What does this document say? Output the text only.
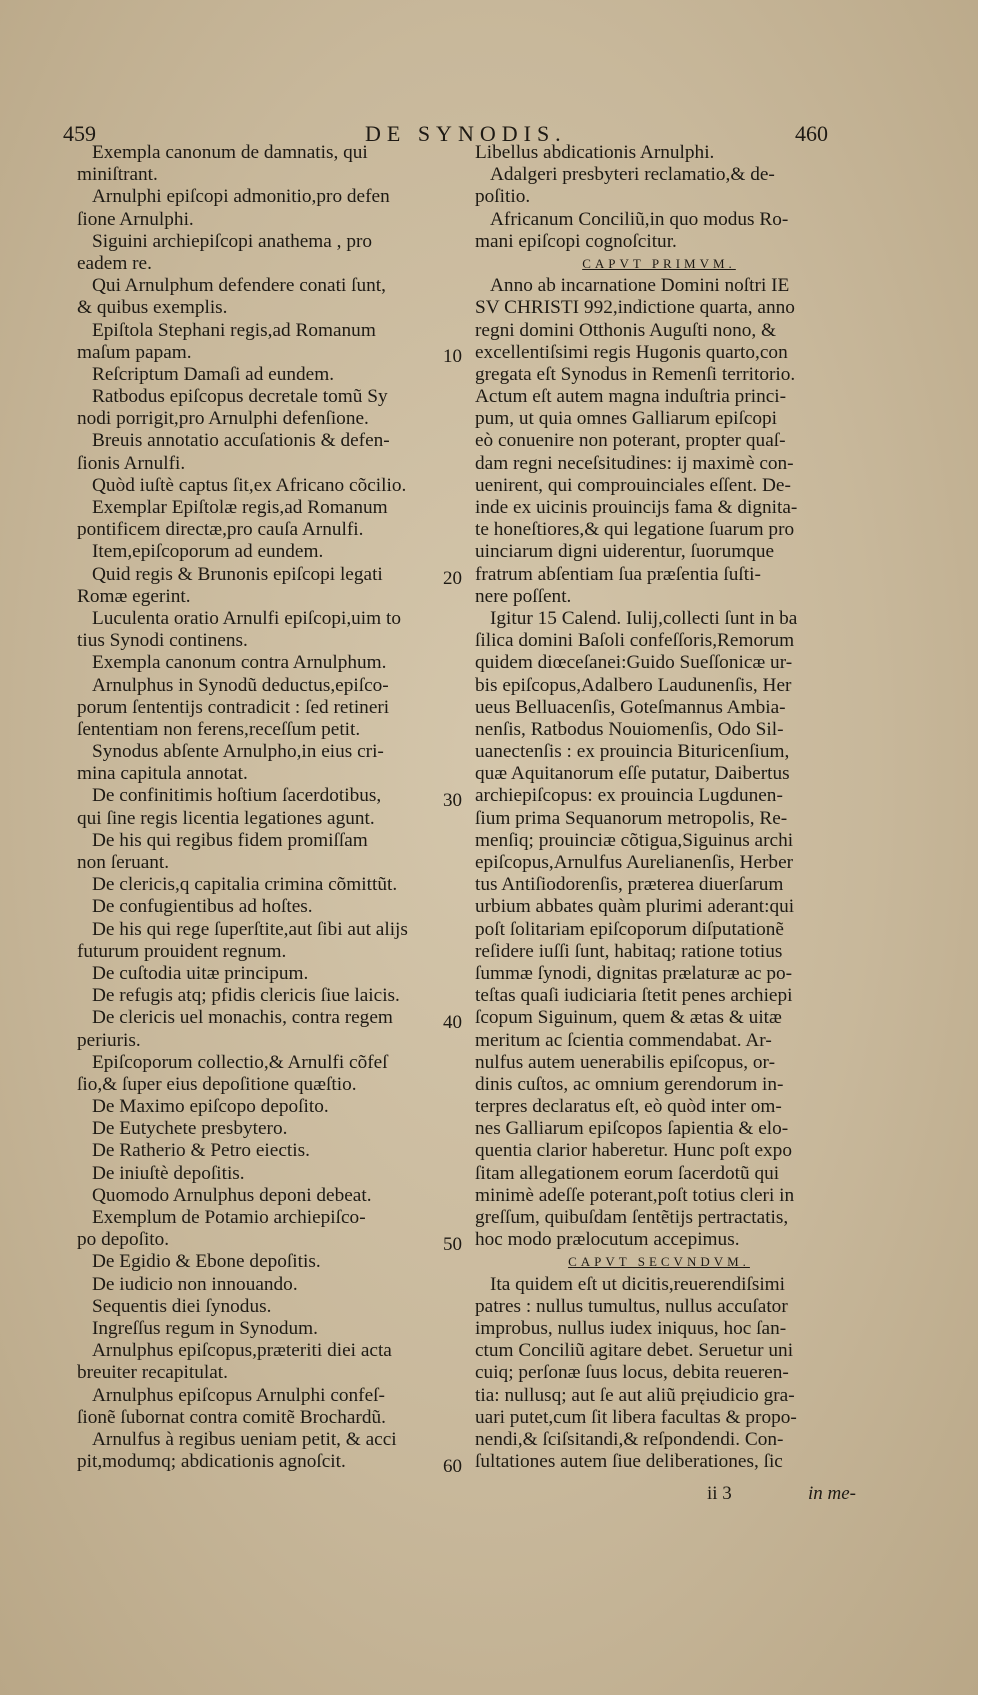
459	DE SYNODIS.	460
Exempla canonum de damnatis, qui
miniſtrant.
Arnulphi epiſcopi admonitio,pro defen
ſione Arnulphi.
Siguini archiepiſcopi anathema , pro
eadem re.
Qui Arnulphum defendere conati ſunt,
& quibus exemplis.
Epiſtola Stephani regis,ad Romanum
maſum papam.
Reſcriptum Damaſi ad eundem.
Ratbodus epiſcopus decretale tomũ Sy
nodi porrigit,pro Arnulphi defenſione.
Breuis annotatio accuſationis & defen-
ſionis Arnulfi.
Quòd iuſtè captus ſit,ex Africano cõcilio.
Exemplar Epiſtolæ regis,ad Romanum
pontificem directæ,pro cauſa Arnulfi.
Item,epiſcoporum ad eundem.
Quid regis & Brunonis epiſcopi legati
Romæ egerint.
Luculenta oratio Arnulfi epiſcopi,uim to
tius Synodi continens.
Exempla canonum contra Arnulphum.
Arnulphus in Synodũ deductus,epiſco-
porum ſententijs contradicit : ſed retineri
ſententiam non ferens,receſſum petit.
Synodus abſente Arnulpho,in eius cri-
mina capitula annotat.
De confinitimis hoſtium ſacerdotibus,
qui ſine regis licentia legationes agunt.
De his qui regibus fidem promiſſam
non ſeruant.
De clericis,q capitalia crimina cõmittũt.
De confugientibus ad hoſtes.
De his qui rege ſuperſtite,aut ſibi aut alijs
futurum prouident regnum.
De cuſtodia uitæ principum.
De refugis atq; pfidis clericis ſiue laicis.
De clericis uel monachis, contra regem
periuris.
Epiſcoporum collectio,& Arnulfi cõfeſ
ſio,& ſuper eius depoſitione quæſtio.
De Maximo epiſcopo depoſito.
De Eutychete presbytero.
De Ratherio & Petro eiectis.
De iniuſtè depoſitis.
Quomodo Arnulphus deponi debeat.
Exemplum de Potamio archiepiſco-
po depoſito.
De Egidio & Ebone depoſitis.
De iudicio non innouando.
Sequentis diei ſynodus.
Ingreſſus regum in Synodum.
Arnulphus epiſcopus,præteriti diei acta
breuiter recapitulat.
Arnulphus epiſcopus Arnulphi confeſ-
ſionẽ ſubornat contra comitẽ Brochardũ.
Arnulfus à regibus ueniam petit, & acci
pit,modumq; abdicationis agnoſcit.
Libellus abdicationis Arnulphi.
Adalgeri presbyteri reclamatio,& de-
poſitio.
Africanum Conciliũ,in quo modus Ro-
mani epiſcopi cognoſcitur.
CAPVT PRIMVM.
Anno ab incarnatione Domini noſtri IE
SV CHRISTI 992,indictione quarta, anno
regni domini Otthonis Auguſti nono, &
excellentiſsimi regis Hugonis quarto,con
gregata eſt Synodus in Remenſi territorio.
Actum eſt autem magna induſtria princi-
pum, ut quia omnes Galliarum epiſcopi
eò conuenire non poterant, propter quaſ-
dam regni neceſsitudines: ij maximè con-
uenirent, qui comprouinciales eſſent. De-
inde ex uicinis prouincijs fama & dignita-
te honeſtiores,& qui legatione ſuarum pro
uinciarum digni uiderentur, ſuorumque
fratrum abſentiam ſua præſentia ſuſti-
nere poſſent.
Igitur 15 Calend. Iulij,collecti ſunt in ba
ſilica domini Baſoli confeſſoris,Remorum
quidem diœceſanei:Guido Sueſſonicæ ur-
bis epiſcopus,Adalbero Laudunenſis, Her
ueus Belluacenſis, Goteſmannus Ambia-
nenſis, Ratbodus Nouiomenſis, Odo Sil-
uanectenſis : ex prouincia Bituricenſium,
quæ Aquitanorum eſſe putatur, Daibertus
archiepiſcopus: ex prouincia Lugdunen-
ſium prima Sequanorum metropolis, Re-
menſiq; prouinciæ cõtigua,Siguinus archi
epiſcopus,Arnulfus Aurelianenſis, Herber
tus Antiſiodorenſis, præterea diuerſarum
urbium abbates quàm plurimi aderant:qui
poſt ſolitariam epiſcoporum diſputationẽ
reſidere iuſſi ſunt, habitaq; ratione totius
ſummæ ſynodi, dignitas prælaturæ ac po-
teſtas quaſi iudiciaria ſtetit penes archiepi
ſcopum Siguinum, quem & ætas & uitæ
meritum ac ſcientia commendabat. Ar-
nulfus autem uenerabilis epiſcopus, or-
dinis cuſtos, ac omnium gerendorum in-
terpres declaratus eſt, eò quòd inter om-
nes Galliarum epiſcopos ſapientia & elo-
quentia clarior haberetur. Hunc poſt expo
ſitam allegationem eorum ſacerdotũ qui
minimè adeſſe poterant,poſt totius cleri in
greſſum, quibuſdam ſentẽtijs pertractatis,
hoc modo prælocutum accepimus.
CAPVT SECVNDVM.
Ita quidem eſt ut dicitis,reuerendiſsimi
patres : nullus tumultus, nullus accuſator
improbus, nullus iudex iniquus, hoc ſan-
ctum Conciliũ agitare debet. Seruetur uni
cuiq; perſonæ ſuus locus, debita reueren-
tia: nullusq; aut ſe aut aliũ pręiudicio gra-
uari putet,cum ſit libera facultas & propo-
nendi,& ſciſsitandi,& reſpondendi. Con-
ſultationes autem ſiue deliberationes, ſic
10
20
30
40
50
60
ii 3	in me-
